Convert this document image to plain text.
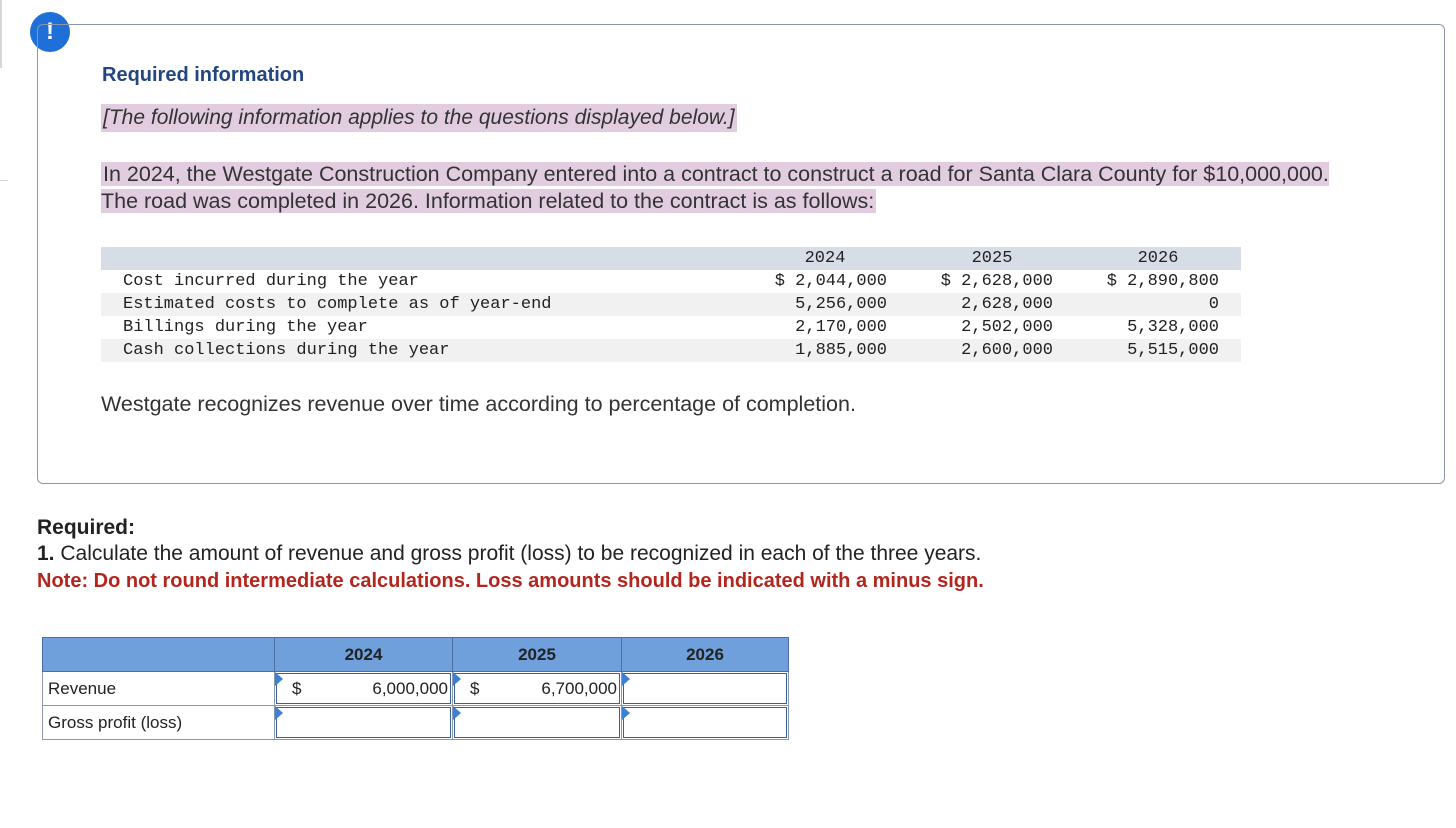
!
Required information
[The following information applies to the questions displayed below.]
In 2024, the Westgate Construction Company entered into a contract to construct a road for Santa Clara County for $10,000,000. The road was completed in 2026. Information related to the contract is as follows:
	2024	2025	2026
Cost incurred during the year	$ 2,044,000	$ 2,628,000	$ 2,890,800
Estimated costs to complete as of year-end	5,256,000	2,628,000	0
Billings during the year	2,170,000	2,502,000	5,328,000
Cash collections during the year	1,885,000	2,600,000	5,515,000
Westgate recognizes revenue over time according to percentage of completion.
Required:
1. Calculate the amount of revenue and gross profit (loss) to be recognized in each of the three years.
Note: Do not round intermediate calculations. Loss amounts should be indicated with a minus sign.
	2024	2025	2026
Revenue	$ 6,000,000	$ 6,700,000	

Gross profit (loss)	
